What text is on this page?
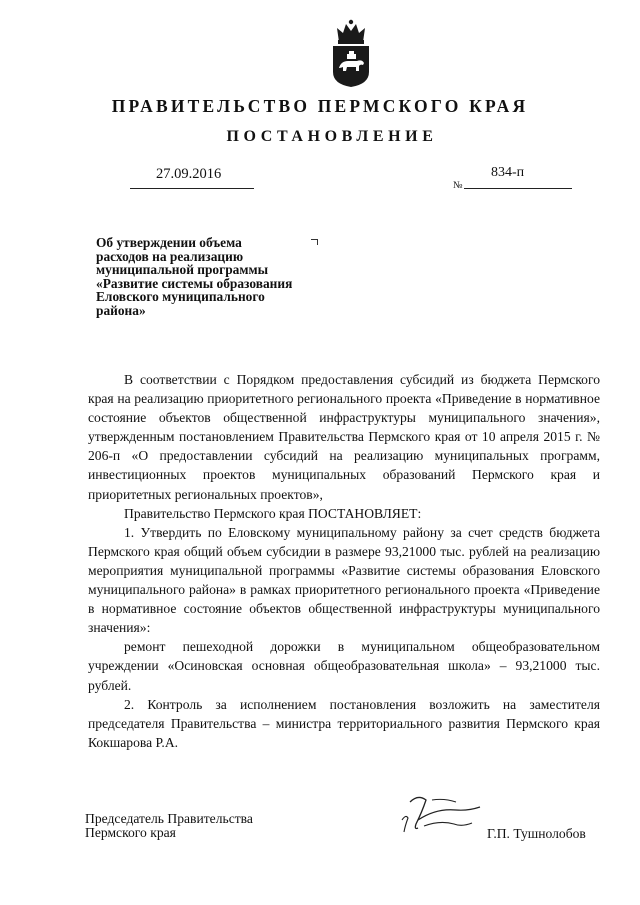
ПРАВИТЕЛЬСТВО ПЕРМСКОГО КРАЯ
ПОСТАНОВЛЕНИЕ
27.09.2016
№
834-п
Об утверждении объема
расходов на реализацию
муниципальной программы
«Развитие системы образования
Еловского муниципального
района»

В соответствии с Порядком предоставления субсидий из бюджета Пермского края на реализацию приоритетного регионального проекта «Приведение в нормативное состояние объектов общественной инфраструктуры муниципального значения», утвержденным постановлением Правительства Пермского края от 10 апреля 2015 г. № 206-п «О предоставлении субсидий на реализацию муниципальных программ, инвестиционных проектов муниципальных образований Пермского края и приоритетных региональных проектов»,

Правительство Пермского края ПОСТАНОВЛЯЕТ:

1. Утвердить по Еловскому муниципальному району за счет средств бюджета Пермского края общий объем субсидии в размере 93,21000 тыс. рублей на реализацию мероприятия муниципальной программы «Развитие системы образования Еловского муниципального района» в рамках приоритетного регионального проекта «Приведение в нормативное состояние объектов общественной инфраструктуры муниципального значения»:

ремонт пешеходной дорожки в муниципальном общеобразовательном учреждении «Осиновская основная общеобразовательная школа» – 93,21000 тыс. рублей.

2. Контроль за исполнением постановления возложить на заместителя председателя Правительства – министра территориального развития Пермского края Кокшарова Р.А.

Председатель Правительства
Пермского края	Г.П. Тушнолобов
